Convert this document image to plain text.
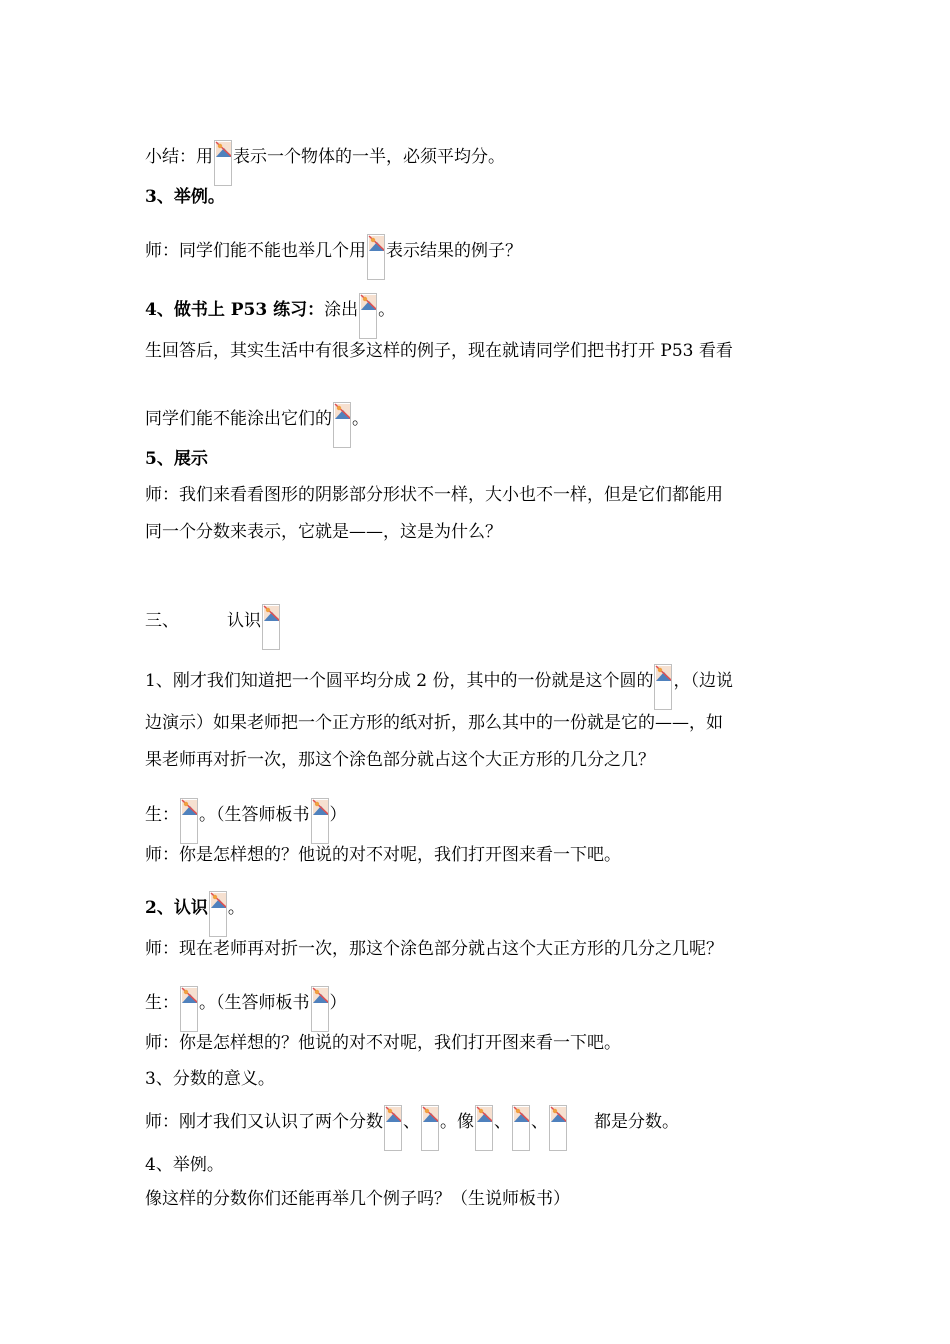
小结：用 表示一个物体的一半，必须平均分。
3、举例。
师：同学们能不能也举几个用 表示结果的例子？
4、做书上 P53 练习：涂出 。
生回答后，其实生活中有很多这样的例子，现在就请同学们把书打开 P53 看看
同学们能不能涂出它们的 。
5、展示
师：我们来看看图形的阴影部分形状不一样，大小也不一样，但是它们都能用
同一个分数来表示，它就是——，这是为什么？
三、	认识
1、刚才我们知道把一个圆平均分成 2 份，其中的一份就是这个圆的 ，（边说
边演示）如果老师把一个正方形的纸对折，那么其中的一份就是它的——，如
果老师再对折一次，那这个涂色部分就占这个大正方形的几分之几？
生： 。（生答师板书 ）
师：你是怎样想的？他说的对不对呢，我们打开图来看一下吧。
2、认识 。
师：现在老师再对折一次，那这个涂色部分就占这个大正方形的几分之几呢？
生： 。（生答师板书 ）
师：你是怎样想的？他说的对不对呢，我们打开图来看一下吧。
3、分数的意义。
师：刚才我们又认识了两个分数 、 。像 、 、	都是分数。
4、举例。
像这样的分数你们还能再举几个例子吗？（生说师板书）
